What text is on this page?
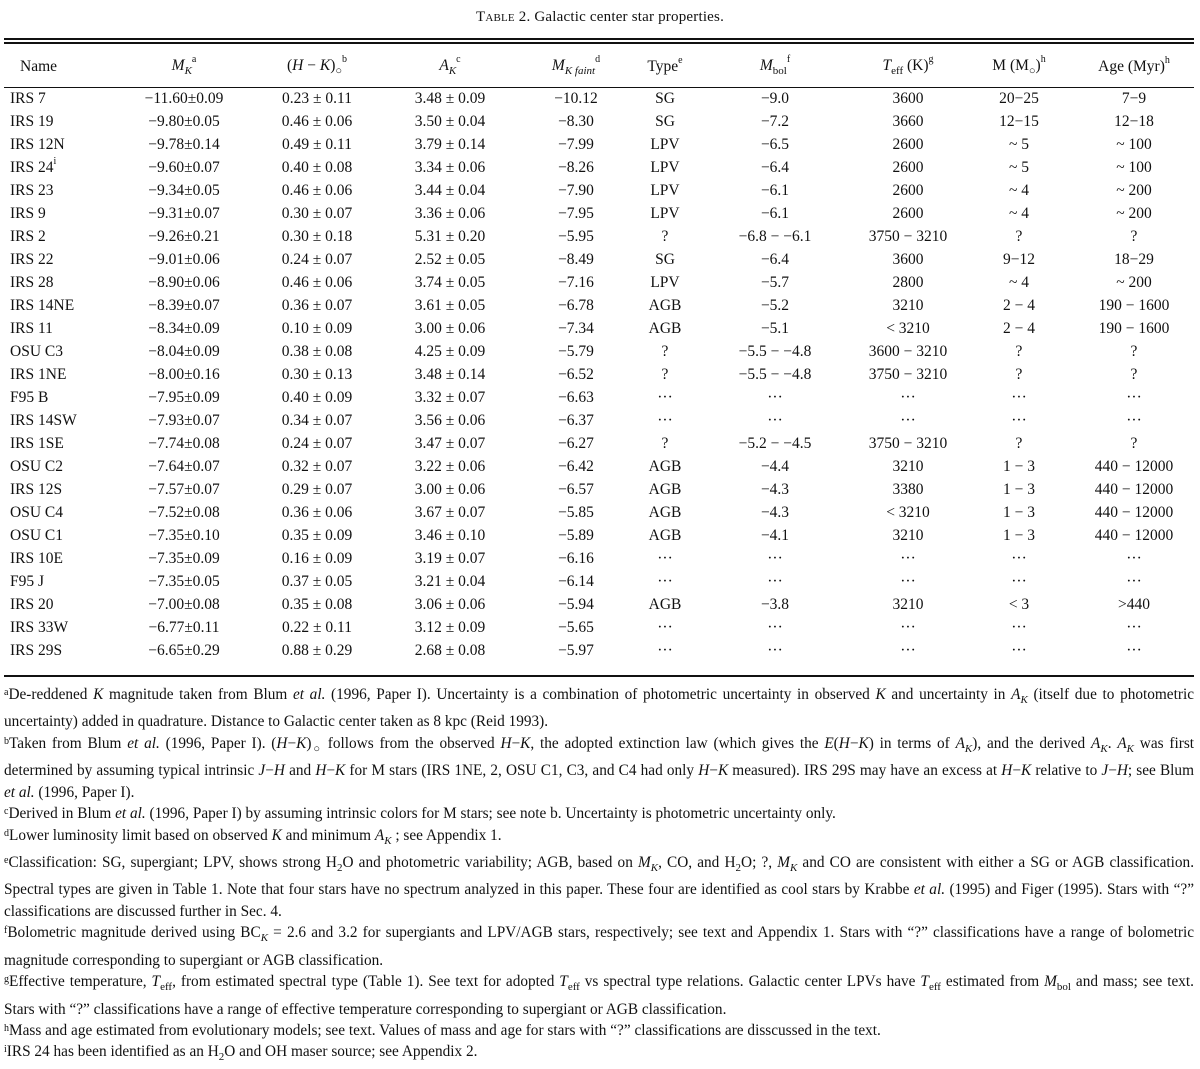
Table 2. Galactic center star properties.
Name	$M_K^a$	$(H - K)_○^b$	$A_K^c$	$M_{K faint}^d$	Type$^e$	$M_{bol}^f$	$T_{eff}$ $(K)^g$	M $(M_○)^h$	Age (Myr)$^h$

IRS 7	−11.60±0.09	0.23 ± 0.11	3.48 ± 0.09	−10.12	SG	−9.0	3600	20−25	7−9
IRS 19	−9.80±0.05	0.46 ± 0.06	3.50 ± 0.04	−8.30	SG	−7.2	3660	12−15	12−18
IRS 12N	−9.78±0.14	0.49 ± 0.11	3.79 ± 0.14	−7.99	LPV	−6.5	2600	~ 5	~ 100
IRS $24^i$	−9.60±0.07	0.40 ± 0.08	3.34 ± 0.06	−8.26	LPV	−6.4	2600	~ 5	~ 100
IRS 23	−9.34±0.05	0.46 ± 0.06	3.44 ± 0.04	−7.90	LPV	−6.1	2600	~ 4	~ 200
IRS 9	−9.31±0.07	0.30 ± 0.07	3.36 ± 0.06	−7.95	LPV	−6.1	2600	~ 4	~ 200
IRS 2	−9.26±0.21	0.30 ± 0.18	5.31 ± 0.20	−5.95	?	−6.8 − −6.1	3750 − 3210	?	?
IRS 22	−9.01±0.06	0.24 ± 0.07	2.52 ± 0.05	−8.49	SG	−6.4	3600	9−12	18−29
IRS 28	−8.90±0.06	0.46 ± 0.06	3.74 ± 0.05	−7.16	LPV	−5.7	2800	~ 4	~ 200
IRS 14NE	−8.39±0.07	0.36 ± 0.07	3.61 ± 0.05	−6.78	AGB	−5.2	3210	2 − 4	190 − 1600
IRS 11	−8.34±0.09	0.10 ± 0.09	3.00 ± 0.06	−7.34	AGB	−5.1	< 3210	2 − 4	190 − 1600
OSU C3	−8.04±0.09	0.38 ± 0.08	4.25 ± 0.09	−5.79	?	−5.5 − −4.8	3600 − 3210	?	?
IRS 1NE	−8.00±0.16	0.30 ± 0.13	3.48 ± 0.14	−6.52	?	−5.5 − −4.8	3750 − 3210	?	?
F95 B	−7.95±0.09	0.40 ± 0.09	3.32 ± 0.07	−6.63	···	···	···	···	···
IRS 14SW	−7.93±0.07	0.34 ± 0.07	3.56 ± 0.06	−6.37	···	···	···	···	···
IRS 1SE	−7.74±0.08	0.24 ± 0.07	3.47 ± 0.07	−6.27	?	−5.2 − −4.5	3750 − 3210	?	?
OSU C2	−7.64±0.07	0.32 ± 0.07	3.22 ± 0.06	−6.42	AGB	−4.4	3210	1 − 3	440 − 12000
IRS 12S	−7.57±0.07	0.29 ± 0.07	3.00 ± 0.06	−6.57	AGB	−4.3	3380	1 − 3	440 − 12000
OSU C4	−7.52±0.08	0.36 ± 0.06	3.67 ± 0.07	−5.85	AGB	−4.3	< 3210	1 − 3	440 − 12000
OSU C1	−7.35±0.10	0.35 ± 0.09	3.46 ± 0.10	−5.89	AGB	−4.1	3210	1 − 3	440 − 12000
IRS 10E	−7.35±0.09	0.16 ± 0.09	3.19 ± 0.07	−6.16	···	···	···	···	···
F95 J	−7.35±0.05	0.37 ± 0.05	3.21 ± 0.04	−6.14	···	···	···	···	···
IRS 20	−7.00±0.08	0.35 ± 0.08	3.06 ± 0.06	−5.94	AGB	−3.8	3210	< 3	>440
IRS 33W	−6.77±0.11	0.22 ± 0.11	3.12 ± 0.09	−5.65	···	···	···	···	···
IRS 29S	−6.65±0.29	0.88 ± 0.29	2.68 ± 0.08	−5.97	···	···	···	···	···

$^a$De-reddened K magnitude taken from Blum et al. (1996, Paper I). Uncertainty is a combination of photometric uncertainty in observed K and uncertainty in $A_K$ (itself due to photometric uncertainty) added in quadrature. Distance to Galactic center taken as 8 kpc (Reid 1993).

$^b$Taken from Blum et al. (1996, Paper I). $(H-K)_○$ follows from the observed H−K, the adopted extinction law (which gives the E(H−K) in terms of $A_K$), and the derived $A_K$. $A_K$ was first determined by assuming typical intrinsic J−H and H−K for M stars (IRS 1NE, 2, OSU C1, C3, and C4 had only H−K measured). IRS 29S may have an excess at H−K relative to J−H; see Blum et al. (1996, Paper I).

$^c$Derived in Blum et al. (1996, Paper I) by assuming intrinsic colors for M stars; see note b. Uncertainty is photometric uncertainty only.

$^d$Lower luminosity limit based on observed K and minimum $A_K$ ; see Appendix 1.

$^e$Classification: SG, supergiant; LPV, shows strong $H_2O$ and photometric variability; AGB, based on $M_K$, CO, and $H_2O$; ?, $M_K$ and CO are consistent with either a SG or AGB classification. Spectral types are given in Table 1. Note that four stars have no spectrum analyzed in this paper. These four are identified as cool stars by Krabbe et al. (1995) and Figer (1995). Stars with “?” classifications are discussed further in Sec. 4.

$^f$Bolometric magnitude derived using $BC_K = 2.6$ and 3.2 for supergiants and LPV/AGB stars, respectively; see text and Appendix 1. Stars with “?” classifications have a range of bolometric magnitude corresponding to supergiant or AGB classification.

$^g$Effective temperature, $T_{eff}$, from estimated spectral type (Table 1). See text for adopted $T_{eff}$ vs spectral type relations. Galactic center LPVs have $T_{eff}$ estimated from $M_{bol}$ and mass; see text. Stars with “?” classifications have a range of effective temperature corresponding to supergiant or AGB classification.

$^h$Mass and age estimated from evolutionary models; see text. Values of mass and age for stars with “?” classifications are disscussed in the text.

$^i$IRS 24 has been identified as an $H_2O$ and OH maser source; see Appendix 2.
